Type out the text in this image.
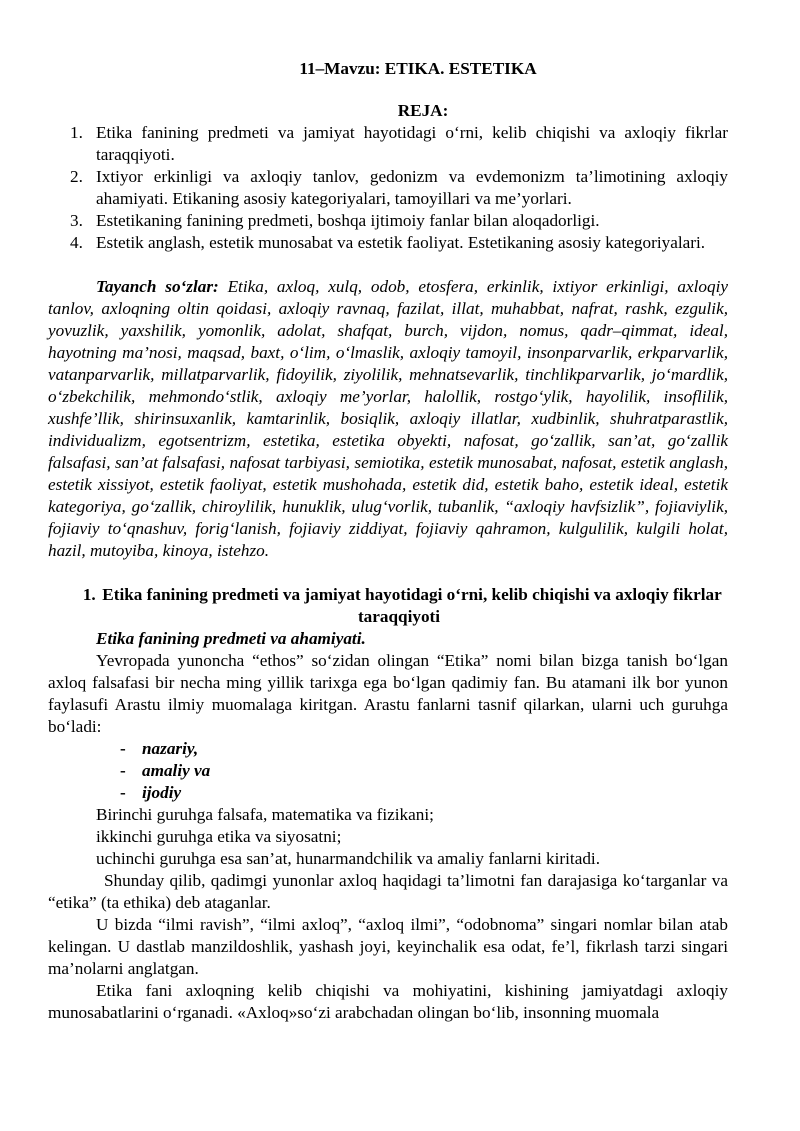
11–Mavzu: ETIKA. ESTETIKA

REJA:

1. Etika fanining predmeti va jamiyat hayotidagi o‘rni, kelib chiqishi va axloqiy fikrlar taraqqiyoti.
2. Ixtiyor erkinligi va axloqiy tanlov, gedonizm va evdemonizm ta’limotining axloqiy ahamiyati. Etikaning asosiy kategoriyalari, tamoyillari va me’yorlari.
3. Estetikaning fanining predmeti, boshqa ijtimoiy fanlar bilan aloqadorligi.
4. Estetik anglash, estetik munosabat va estetik faoliyat. Estetikaning asosiy kategoriyalari.

Tayanch so‘zlar: Etika, axloq, xulq, odob, etosfera, erkinlik, ixtiyor erkinligi, axloqiy tanlov, axloqning oltin qoidasi, axloqiy ravnaq, fazilat, illat, muhabbat, nafrat, rashk, ezgulik, yovuzlik, yaxshilik, yomonlik, adolat, shafqat, burch, vijdon, nomus, qadr–qimmat, ideal, hayotning ma’nosi, maqsad, baxt, o‘lim, o‘lmaslik, axloqiy tamoyil, insonparvarlik, erkparvarlik, vatanparvarlik, millatparvarlik, fidoyilik, ziyolilik, mehnatsevarlik, tinchlikparvarlik, jo‘mardlik, o‘zbekchilik, mehmondo‘stlik, axloqiy me’yorlar, halollik, rostgo‘ylik, hayolilik, insoflilik, xushfe’llik, shirinsuxanlik, kamtarinlik, bosiqlik, axloqiy illatlar, xudbinlik, shuhratparastlik, individualizm, egotsentrizm, estetika, estetika obyekti, nafosat, go‘zallik, san’at, go‘zallik falsafasi, san’at falsafasi, nafosat tarbiyasi, semiotika, estetik munosabat, nafosat, estetik anglash, estetik xissiyot, estetik faoliyat, estetik mushohada, estetik did, estetik baho, estetik ideal, estetik kategoriya, go‘zallik, chiroylilik, hunuklik, ulug‘vorlik, tubanlik, “axloqiy havfsizlik”, fojiaviylik, fojiaviy to‘qnashuv, forig‘lanish, fojiaviy ziddiyat, fojiaviy qahramon, kulgulilik, kulgili holat, hazil, mutoyiba, kinoya, istehzo.

1. Etika fanining predmeti va jamiyat hayotidagi o‘rni, kelib chiqishi va axloqiy fikrlar taraqqiyoti

Etika fanining predmeti va ahamiyati.

Yevropada yunoncha “ethos” so‘zidan olingan “Etika” nomi bilan bizga tanish bo‘lgan axloq falsafasi bir necha ming yillik tarixga ega bo‘lgan qadimiy fan. Bu atamani ilk bor yunon faylasufi Arastu ilmiy muomalaga kiritgan. Arastu fanlarni tasnif qilarkan, ularni uch guruhga bo‘ladi:

- nazariy,
- amaliy va
- ijodiy
Birinchi guruhga falsafa, matematika va fizikani;
ikkinchi guruhga etika va siyosatni;
uchinchi guruhga esa san’at, hunarmandchilik va amaliy fanlarni kiritadi.

Shunday qilib, qadimgi yunonlar axloq haqidagi ta’limotni fan darajasiga ko‘targanlar va “etika” (ta ethika) deb ataganlar.

U bizda “ilmi ravish”, “ilmi axloq”, “axloq ilmi”, “odobnoma” singari nomlar bilan atab kelingan. U dastlab manzildoshlik, yashash joyi, keyinchalik esa odat, fe’l, fikrlash tarzi singari ma’nolarni anglatgan.

Etika fani axloqning kelib chiqishi va mohiyatini, kishining jamiyatdagi axloqiy munosabatlarini o‘rganadi. «Axloq»so‘zi arabchadan olingan bo‘lib, insonning muomala
